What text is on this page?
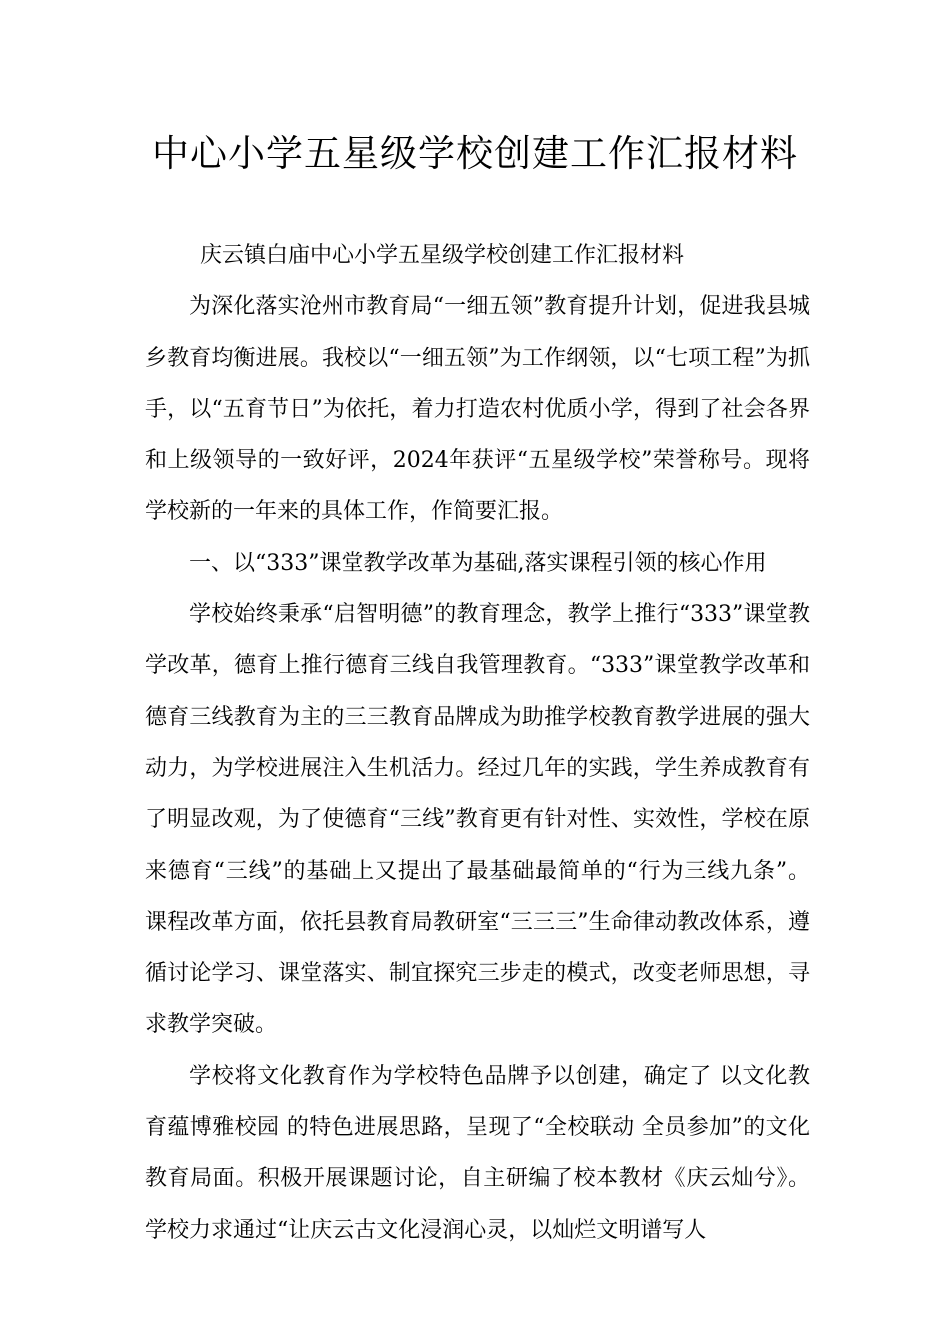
中心小学五星级学校创建工作汇报材料

庆云镇白庙中心小学五星级学校创建工作汇报材料

为深化落实沧州市教育局“一细五领”教育提升计划，促进我县城乡教育均衡进展。我校以“一细五领”为工作纲领，以“七项工程”为抓手，以“五育节日”为依托，着力打造农村优质小学，得到了社会各界和上级领导的一致好评，2024年获评“五星级学校”荣誉称号。现将学校新的一年来的具体工作，作简要汇报。

一、以“333”课堂教学改革为基础,落实课程引领的核心作用

学校始终秉承“启智明德”的教育理念，教学上推行“333”课堂教学改革，德育上推行德育三线自我管理教育。“333”课堂教学改革和德育三线教育为主的三三教育品牌成为助推学校教育教学进展的强大动力，为学校进展注入生机活力。经过几年的实践，学生养成教育有了明显改观，为了使德育“三线”教育更有针对性、实效性，学校在原来德育“三线”的基础上又提出了最基础最简单的“行为三线九条”。 课程改革方面，依托县教育局教研室“三三三”生命律动教改体系，遵循讨论学习、课堂落实、制宜探究三步走的模式，改变老师思想，寻求教学突破。

学校将文化教育作为学校特色品牌予以创建，确定了 以文化教育蕴博雅校园 的特色进展思路，呈现了“全校联动 全员参加”的文化教育局面。积极开展课题讨论，自主研编了校本教材《庆云灿兮》。学校力求通过“让庆云古文化浸润心灵，以灿烂文明谱写人
